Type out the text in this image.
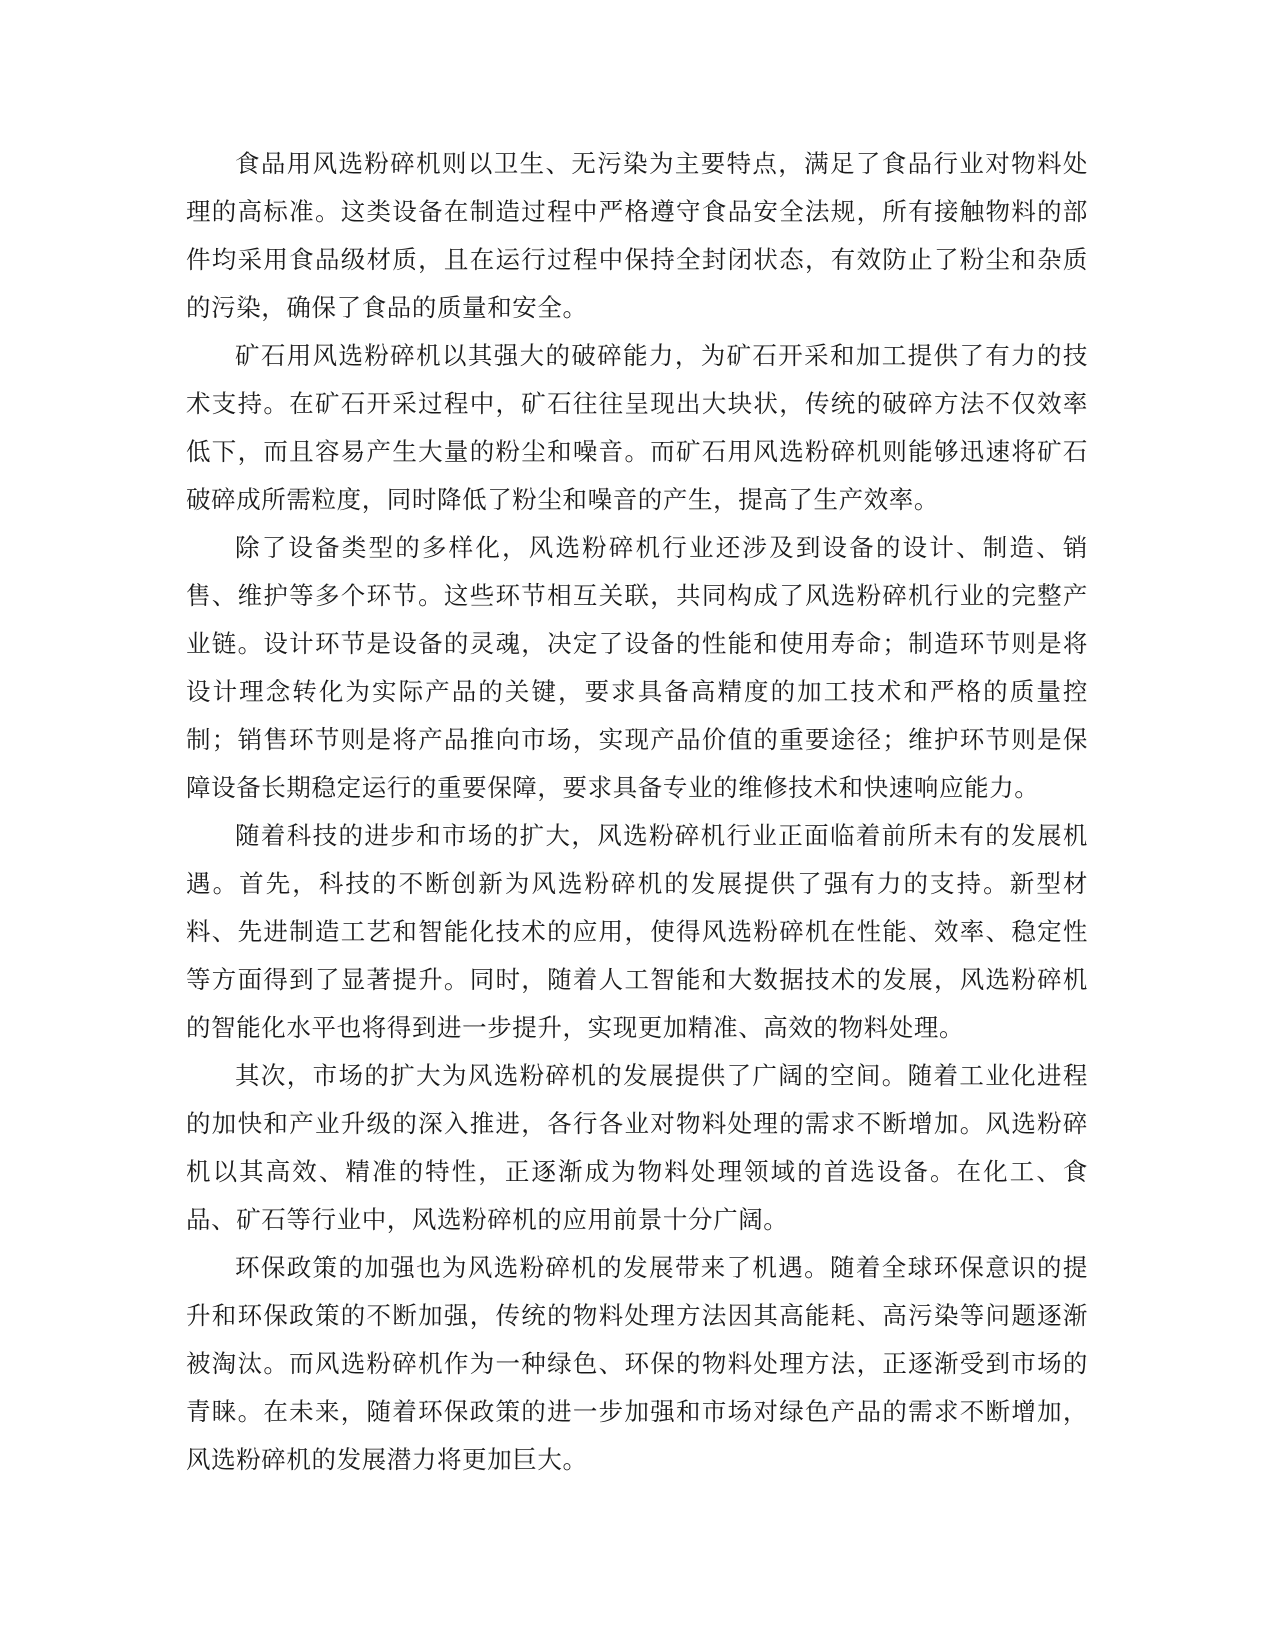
食品用风选粉碎机则以卫生、无污染为主要特点，满足了食品行业对物料处理的高标准。这类设备在制造过程中严格遵守食品安全法规，所有接触物料的部件均采用食品级材质，且在运行过程中保持全封闭状态，有效防止了粉尘和杂质的污染，确保了食品的质量和安全。

矿石用风选粉碎机以其强大的破碎能力，为矿石开采和加工提供了有力的技术支持。在矿石开采过程中，矿石往往呈现出大块状，传统的破碎方法不仅效率低下，而且容易产生大量的粉尘和噪音。而矿石用风选粉碎机则能够迅速将矿石破碎成所需粒度，同时降低了粉尘和噪音的产生，提高了生产效率。

除了设备类型的多样化，风选粉碎机行业还涉及到设备的设计、制造、销售、维护等多个环节。这些环节相互关联，共同构成了风选粉碎机行业的完整产业链。设计环节是设备的灵魂，决定了设备的性能和使用寿命；制造环节则是将设计理念转化为实际产品的关键，要求具备高精度的加工技术和严格的质量控制；销售环节则是将产品推向市场，实现产品价值的重要途径；维护环节则是保障设备长期稳定运行的重要保障，要求具备专业的维修技术和快速响应能力。

随着科技的进步和市场的扩大，风选粉碎机行业正面临着前所未有的发展机遇。首先，科技的不断创新为风选粉碎机的发展提供了强有力的支持。新型材料、先进制造工艺和智能化技术的应用，使得风选粉碎机在性能、效率、稳定性等方面得到了显著提升。同时，随着人工智能和大数据技术的发展，风选粉碎机的智能化水平也将得到进一步提升，实现更加精准、高效的物料处理。

其次，市场的扩大为风选粉碎机的发展提供了广阔的空间。随着工业化进程的加快和产业升级的深入推进，各行各业对物料处理的需求不断增加。风选粉碎机以其高效、精准的特性，正逐渐成为物料处理领域的首选设备。在化工、食品、矿石等行业中，风选粉碎机的应用前景十分广阔。

环保政策的加强也为风选粉碎机的发展带来了机遇。随着全球环保意识的提升和环保政策的不断加强，传统的物料处理方法因其高能耗、高污染等问题逐渐被淘汰。而风选粉碎机作为一种绿色、环保的物料处理方法，正逐渐受到市场的青睐。在未来，随着环保政策的进一步加强和市场对绿色产品的需求不断增加，风选粉碎机的发展潜力将更加巨大。
